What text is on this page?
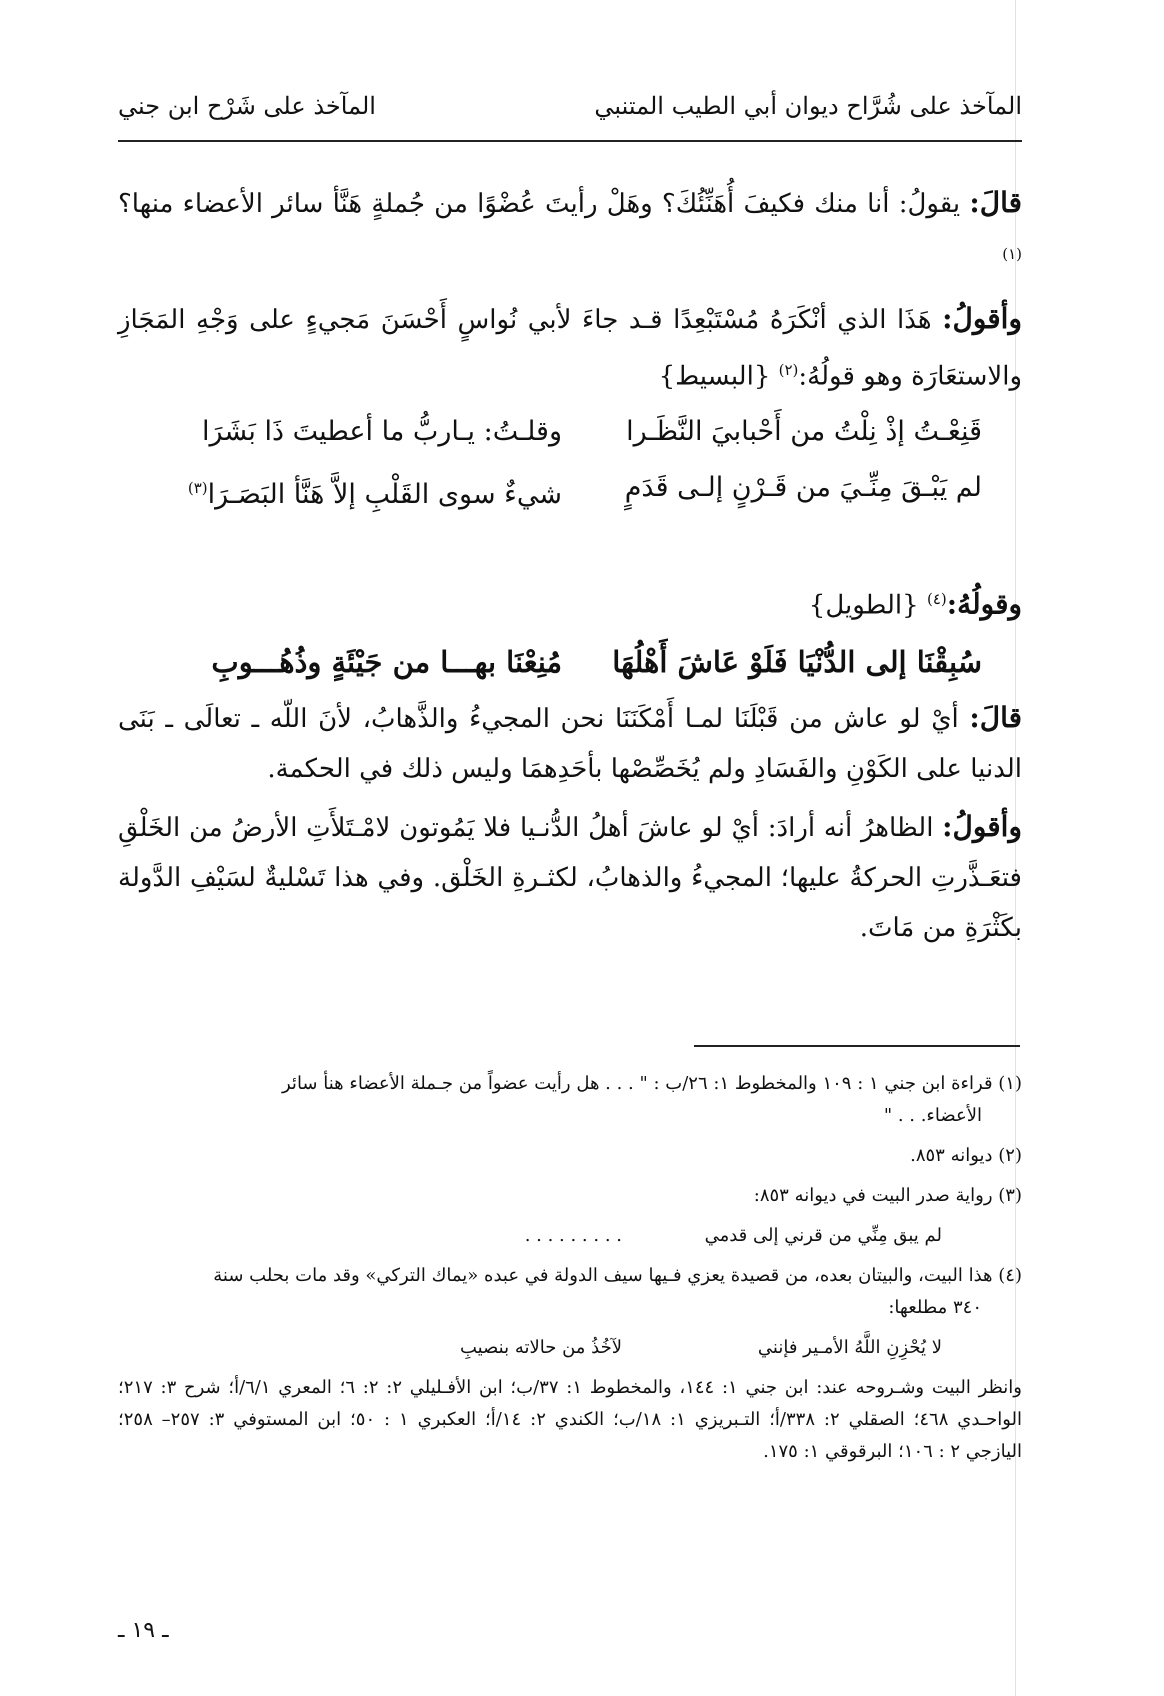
المآخذ على شُرَّاح ديوان أبي الطيب المتنبي
المآخذ على شَرْح ابن جني

قالَ: يقولُ: أنا منك فكيفَ أُهَنِّئُكَ؟ وهَلْ رأيتَ عُضْوًا من جُملةٍ هَنَّأ سائر الأعضاء منها؟$^{(١)}$

وأقولُ: هَذَا الذي أنْكَرَهُ مُسْتَبْعِدًا قـد جاءَ لأبي نُواسٍ أَحْسَنَ مَجيءٍ على وَجْهِ المَجَازِ والاستعَارَة وهو قولُهُ:$^{(٢)}$ {البسيط}

قَنِعْـتُ إذْ نِلْتُ من أَحْبابيَ النَّظَـرا
وقلـتُ: يـاربُّ ما أعطيتَ ذَا بَشَرَا
لم يَبْـقَ مِنِّـيَ من قَـرْنٍ إلـى قَدَمٍ
شيءٌ سوى القَلْبِ إلاَّ هَنَّأ البَصَـرَا$^{(٣)}$

وقولُهُ:$^{(٤)}$ {الطويل}

سُبِقْنَا إلى الدُّنْيَا فَلَوْ عَاشَ أَهْلُهَا
مُنِعْنَا بهـــا من جَيْئَةٍ وذُهُـــوبِ

قالَ: أيْ لو عاش من قَبْلَنَا لمـا أَمْكَنَنَا نحن المجيءُ والذَّهابُ، لأنَ اللّه ـ تعالَى ـ بَنَى الدنيا على الكَوْنِ والفَسَادِ ولم يُخَصِّصْها بأحَدِهمَا وليس ذلك في الحكمة.

وأقولُ: الظاهرُ أنه أرادَ: أيْ لو عاشَ أهلُ الدُّنـيا فلا يَمُوتون لامْـتَلأَتِ الأرضُ من الخَلْقِ فتعَـذَّرتِ الحركةُ عليها؛ المجيءُ والذهابُ، لكثـرةِ الخَلْق. وفي هذا تَسْليةٌ لسَيْفِ الدَّولة بكَثْرَةِ من مَاتَ.

(١) قراءة ابن جني ١ : ١٠٩ والمخطوط ١: ٢٦/ب : " . . . هل رأيت عضواً من جـملة الأعضاء هنأ سائر
الأعضاء. . . "

(٢) ديوانه ٨٥٣.

(٣) رواية صدر البيت في ديوانه ٨٥٣:

لم يبق مِنِّي من قرني إلى قدمي
. . . . . . . . .

(٤) هذا البيت، والبيتان بعده، من قصيدة يعزي فـيها سيف الدولة في عبده «يماك التركي» وقد مات بحلب سنة
٣٤٠ مطلعها:

لا يُحْزِنِ اللَّهُ الأمـير فإنني
لآخُذُ من حالاته بنصيبِ

وانظر البيت وشـروحه عند: ابن جني ١: ١٤٤، والمخطوط ١: ٣٧/ب؛ ابن الأفـليلي ٢: ٢: ٦؛ المعري ٦/١/أ؛ شرح ٣: ٢١٧؛ الواحـدي ٤٦٨؛ الصقلي ٢: ٣٣٨/أ؛ التـبريزي ١: ١٨/ب؛ الكندي ٢: ١٤/أ؛ العكبري ١ : ٥٠؛ ابن المستوفي ٣: ٢٥٧– ٢٥٨؛ اليازجي ٢ : ١٠٦؛ البرقوقي ١: ١٧٥.

ـ ١٩ ـ
